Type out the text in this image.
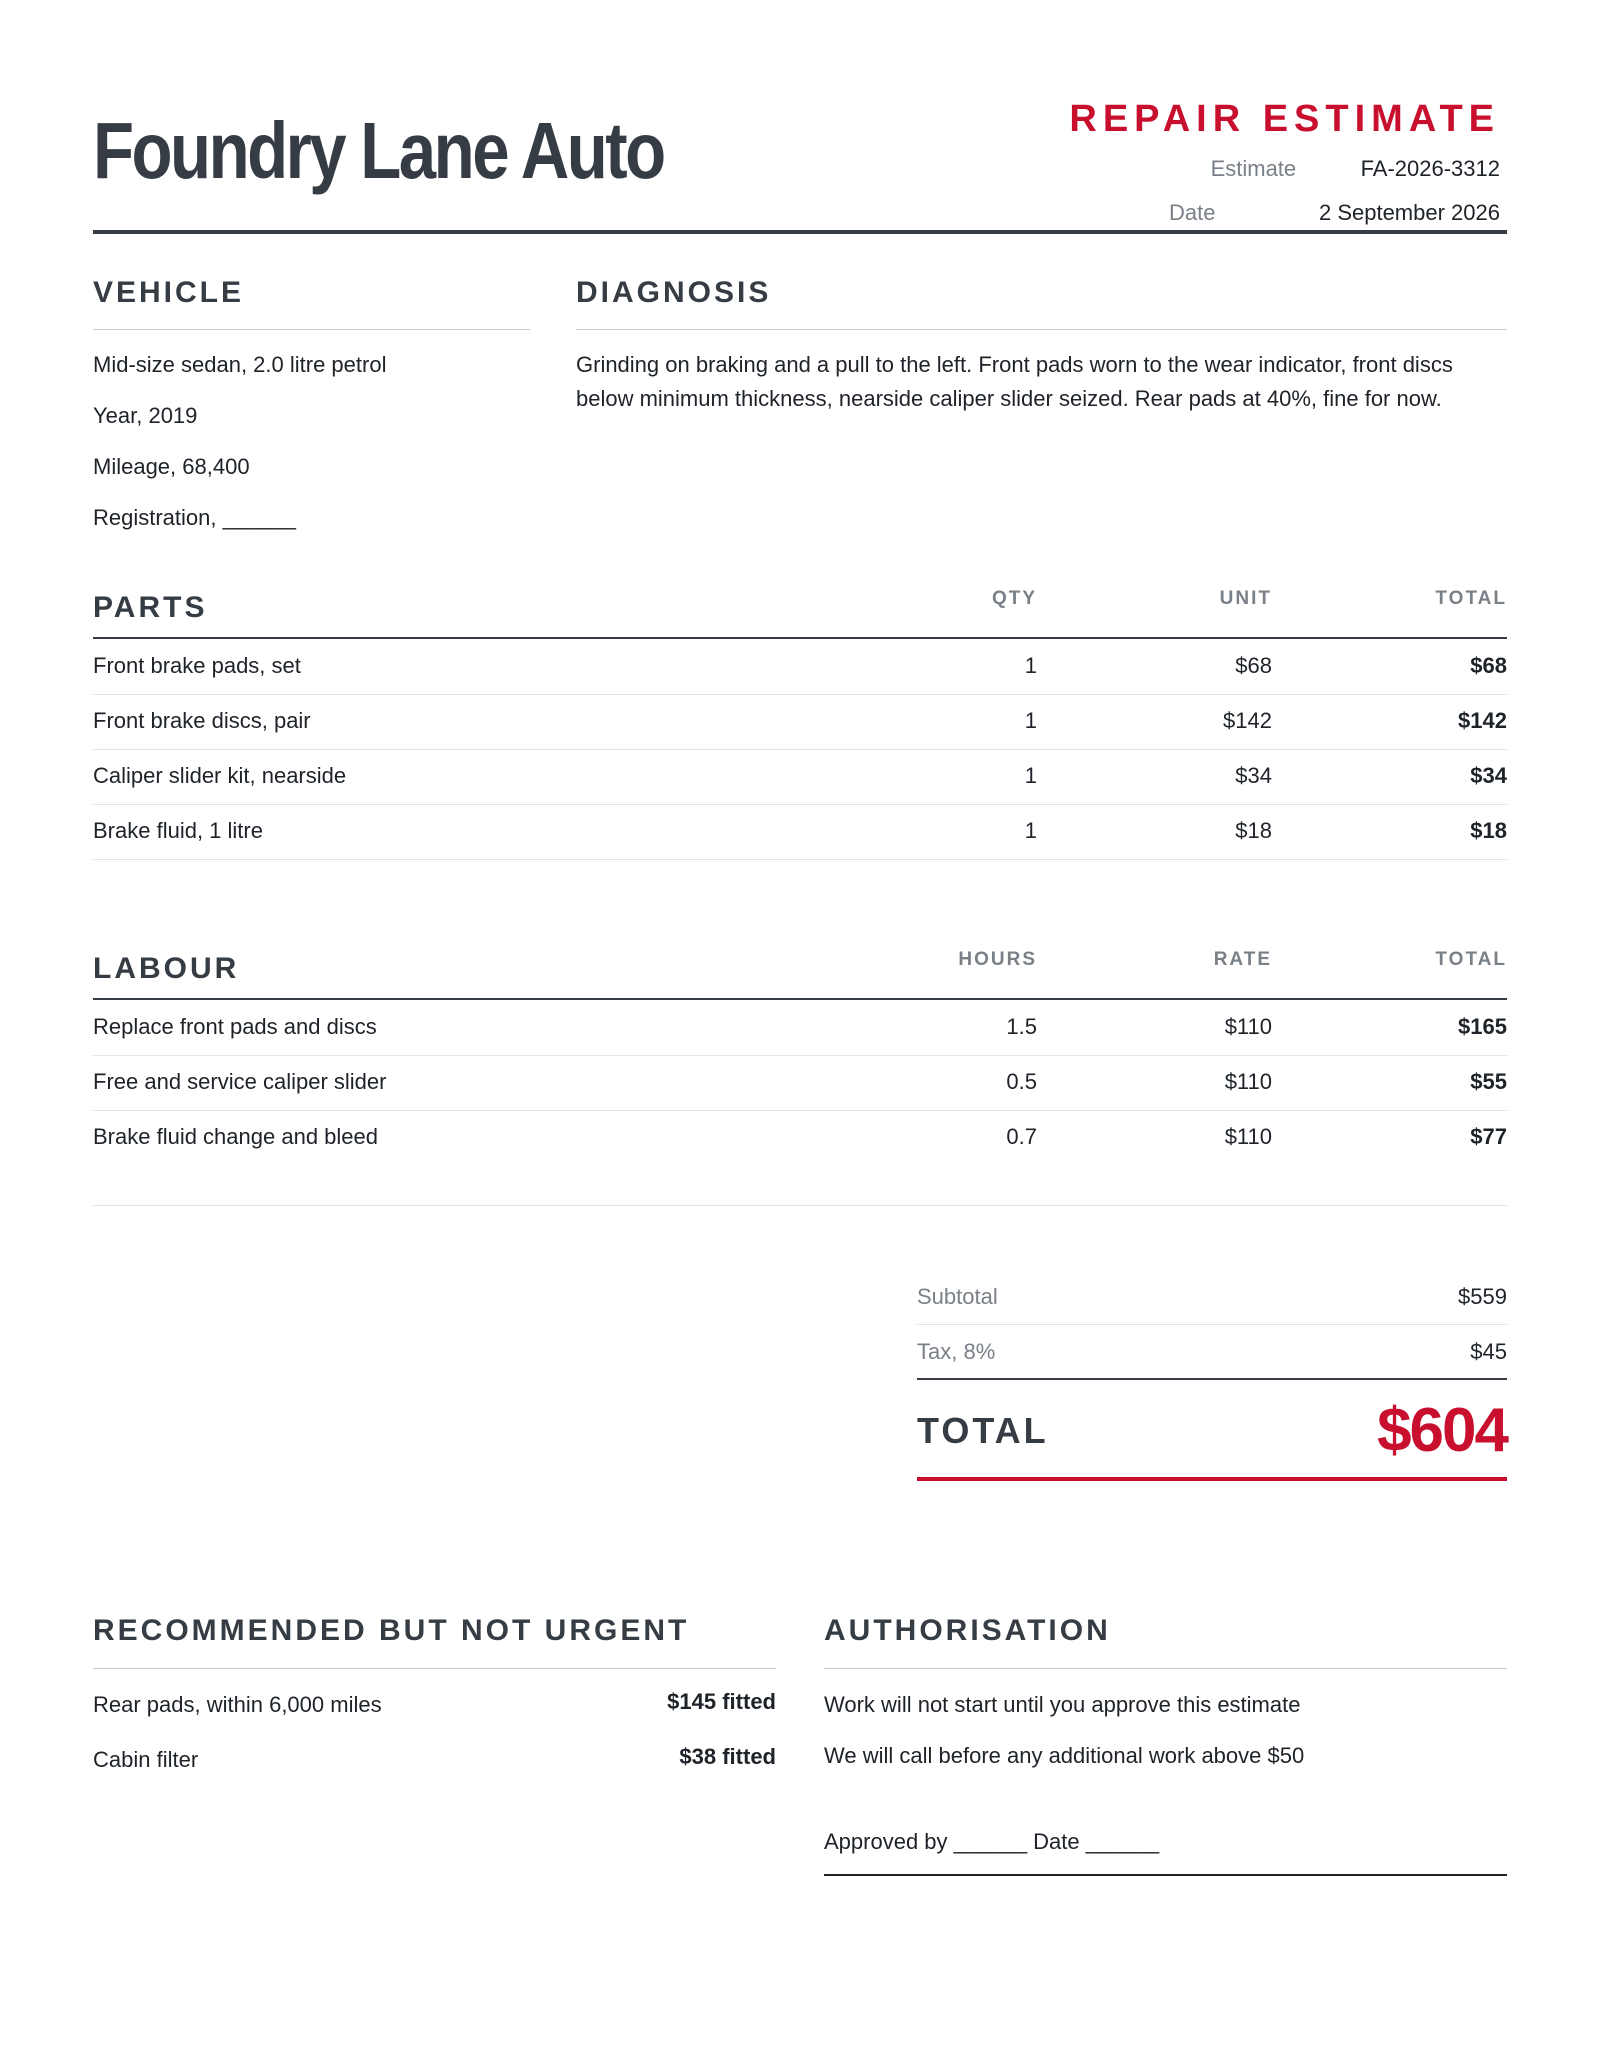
Foundry Lane Auto	REPAIR ESTIMATE
Estimate	FA-2026-3312
Date	2 September 2026
VEHICLE
Mid-size sedan, 2.0 litre petrol
Year, 2019
Mileage, 68,400
Registration, ______
DIAGNOSIS
Grinding on braking and a pull to the left. Front pads worn to the wear indicator, front discs
below minimum thickness, nearside caliper slider seized. Rear pads at 40%, fine for now.
PARTS	QTY	UNIT	TOTAL
Front brake pads, set	1	$68	$68
Front brake discs, pair	1	$142	$142
Caliper slider kit, nearside	1	$34	$34
Brake fluid, 1 litre	1	$18	$18
LABOUR	HOURS	RATE	TOTAL
Replace front pads and discs	1.5	$110	$165
Free and service caliper slider	0.5	$110	$55
Brake fluid change and bleed	0.7	$110	$77
Subtotal	$559
Tax, 8%	$45
TOTAL	$604
RECOMMENDED BUT NOT URGENT
Rear pads, within 6,000 miles	$145 fitted
Cabin filter	$38 fitted
AUTHORISATION
Work will not start until you approve this estimate
We will call before any additional work above $50
Approved by ______ Date ______
